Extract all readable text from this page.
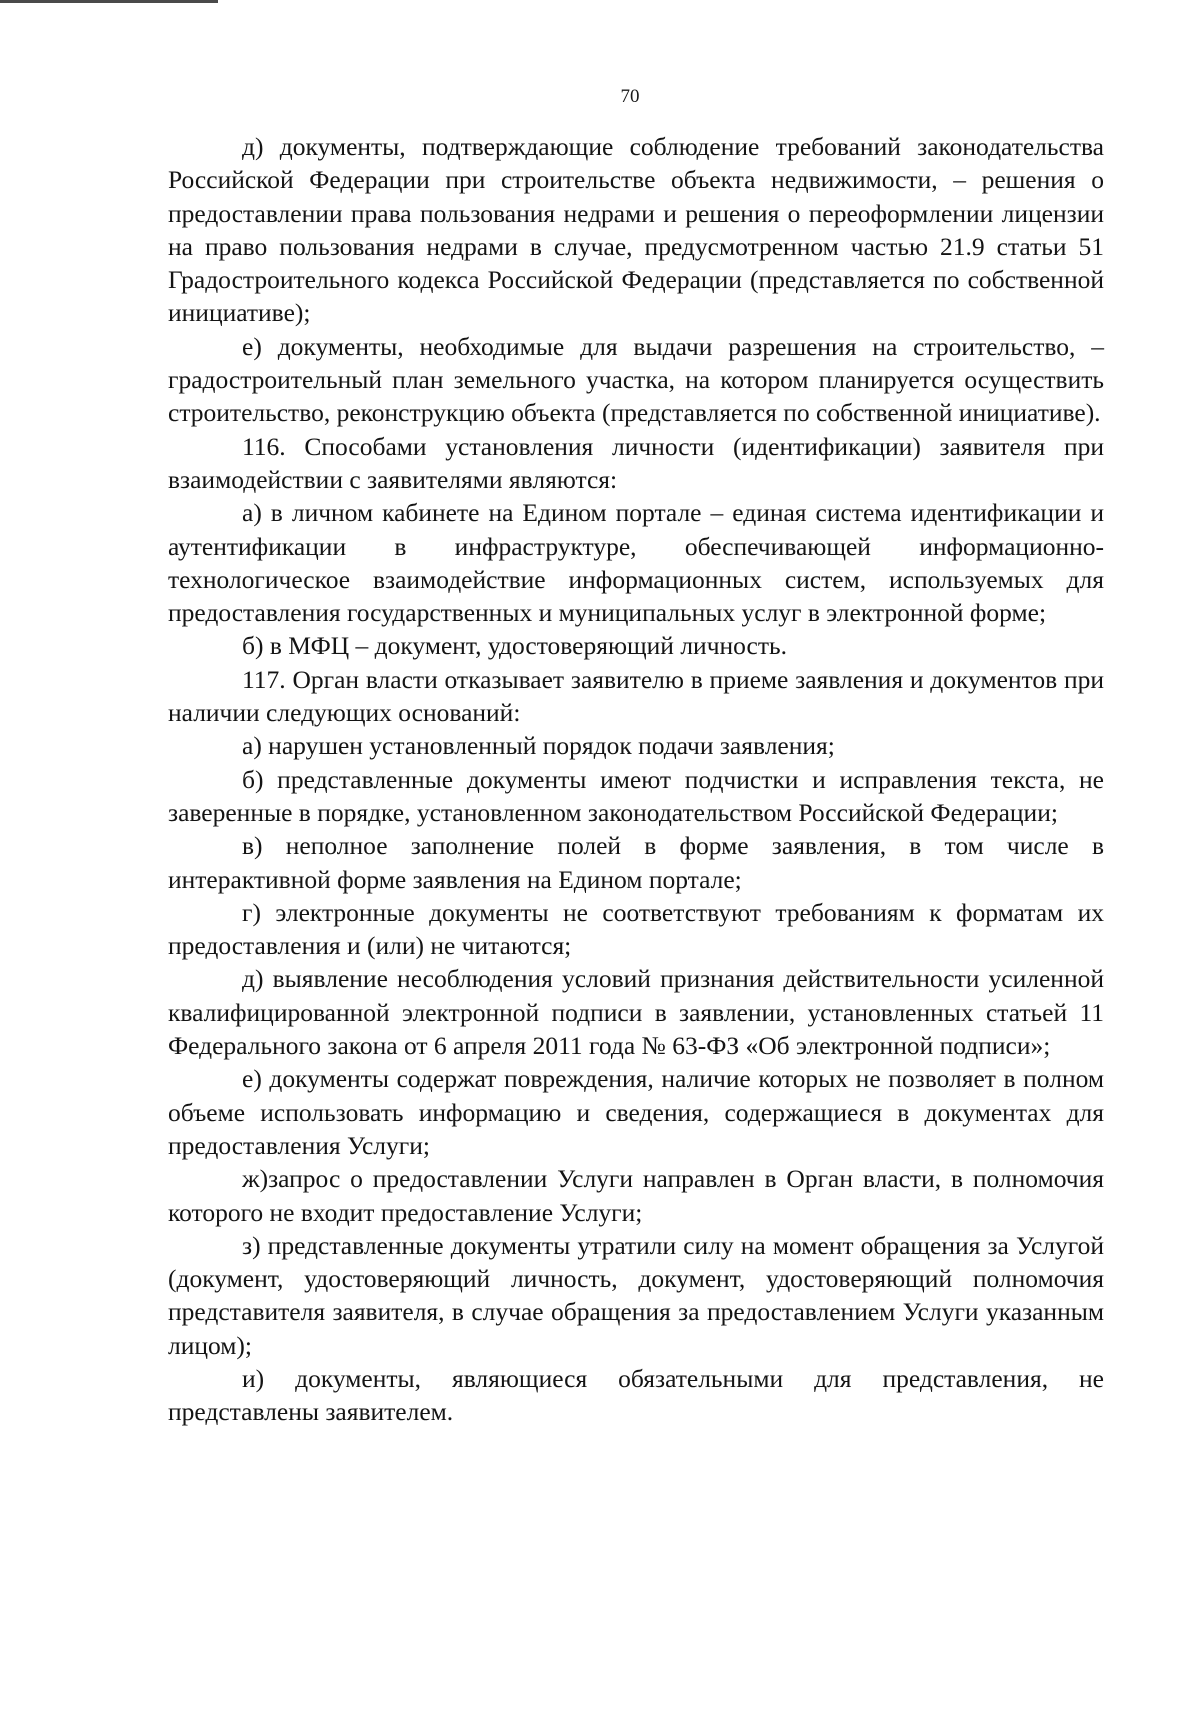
70

д) документы, подтверждающие соблюдение требований законодательства Российской Федерации при строительстве объекта недвижимости, – решения о предоставлении права пользования недрами и решения о переоформлении лицензии на право пользования недрами в случае, предусмотренном частью 21.9 статьи 51 Градостроительного кодекса Российской Федерации (представляется по собственной инициативе);

е) документы, необходимые для выдачи разрешения на строительство, – градостроительный план земельного участка, на котором планируется осуществить строительство, реконструкцию объекта (представляется по собственной инициативе).

116. Способами установления личности (идентификации) заявителя при взаимодействии с заявителями являются:

а) в личном кабинете на Едином портале – единая система идентификации и аутентификации в инфраструктуре, обеспечивающей информационно-технологическое взаимодействие информационных систем, используемых для предоставления государственных и муниципальных услуг в электронной форме;

б) в МФЦ – документ, удостоверяющий личность.

117. Орган власти отказывает заявителю в приеме заявления и документов при наличии следующих оснований:

а) нарушен установленный порядок подачи заявления;

б) представленные документы имеют подчистки и исправления текста, не заверенные в порядке, установленном законодательством Российской Федерации;

в) неполное заполнение полей в форме заявления, в том числе в интерактивной форме заявления на Едином портале;

г) электронные документы не соответствуют требованиям к форматам их предоставления и (или) не читаются;

д) выявление несоблюдения условий признания действительности усиленной квалифицированной электронной подписи в заявлении, установленных статьей 11 Федерального закона от 6 апреля 2011 года № 63-ФЗ «Об электронной подписи»;

е) документы содержат повреждения, наличие которых не позволяет в полном объеме использовать информацию и сведения, содержащиеся в документах для предоставления Услуги;

ж)запрос о предоставлении Услуги направлен в Орган власти, в полномочия которого не входит предоставление Услуги;

з) представленные документы утратили силу на момент обращения за Услугой (документ, удостоверяющий личность, документ, удостоверяющий полномочия представителя заявителя, в случае обращения за предоставлением Услуги указанным лицом);

и) документы, являющиеся обязательными для представления, не представлены заявителем.
